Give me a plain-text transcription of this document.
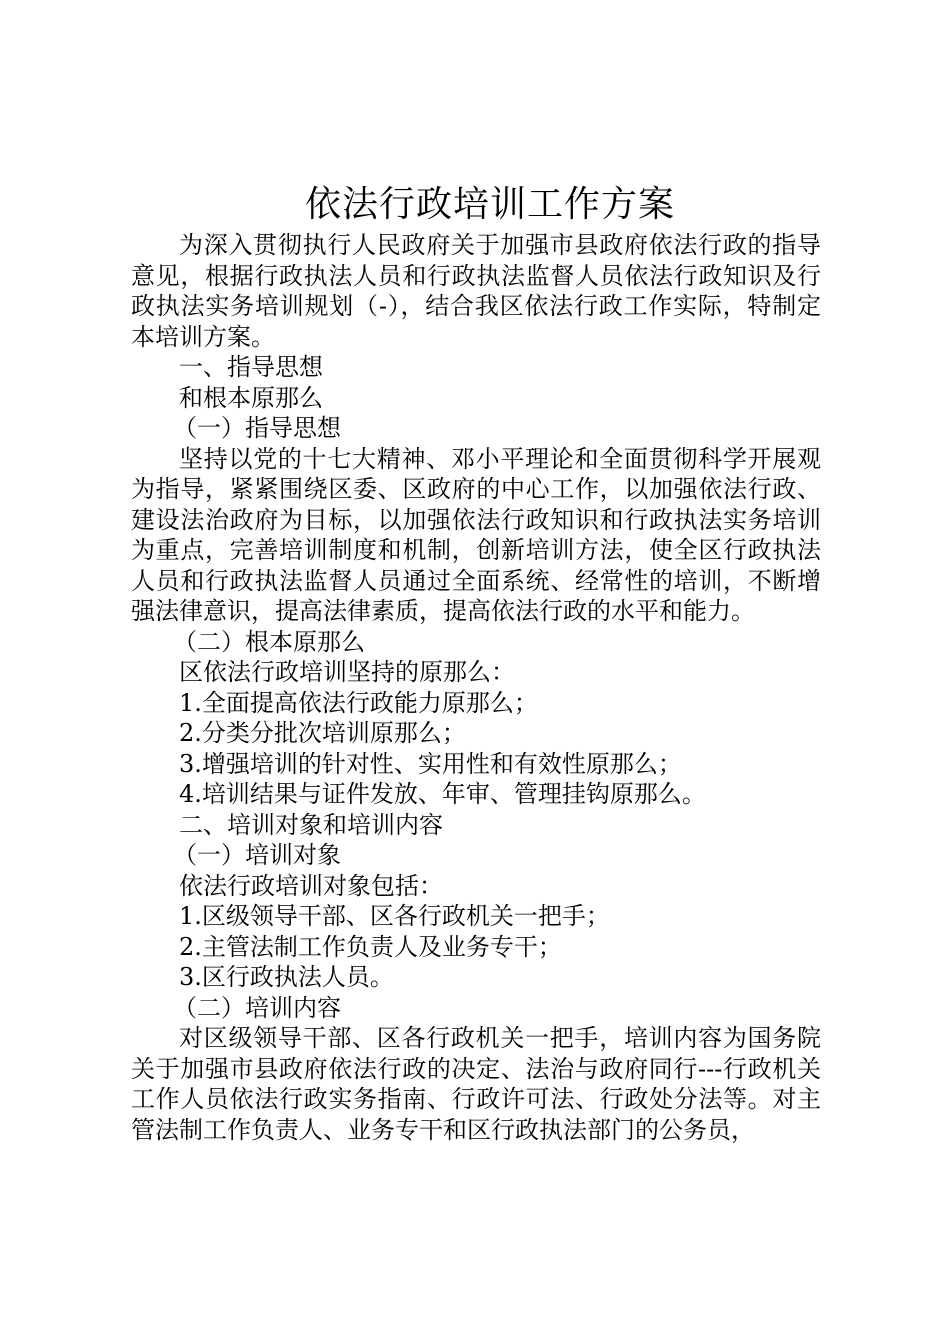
依法行政培训工作方案

为深入贯彻执行人民政府关于加强市县政府依法行政的指导意见，根据行政执法人员和行政执法监督人员依法行政知识及行政执法实务培训规划（-），结合我区依法行政工作实际，特制定本培训方案。

一、指导思想

和根本原那么

（一）指导思想

坚持以党的十七大精神、邓小平理论和全面贯彻科学开展观为指导，紧紧围绕区委、区政府的中心工作，以加强依法行政、建设法治政府为目标，以加强依法行政知识和行政执法实务培训为重点，完善培训制度和机制，创新培训方法，使全区行政执法人员和行政执法监督人员通过全面系统、经常性的培训，不断增强法律意识，提高法律素质，提高依法行政的水平和能力。

（二）根本原那么

区依法行政培训坚持的原那么：

1.全面提高依法行政能力原那么；

2.分类分批次培训原那么；

3.增强培训的针对性、实用性和有效性原那么；

4.培训结果与证件发放、年审、管理挂钩原那么。

二、培训对象和培训内容

（一）培训对象

依法行政培训对象包括：

1.区级领导干部、区各行政机关一把手；

2.主管法制工作负责人及业务专干；

3.区行政执法人员。

（二）培训内容

对区级领导干部、区各行政机关一把手，培训内容为国务院关于加强市县政府依法行政的决定、法治与政府同行---行政机关工作人员依法行政实务指南、行政许可法、行政处分法等。对主管法制工作负责人、业务专干和区行政执法部门的公务员，
